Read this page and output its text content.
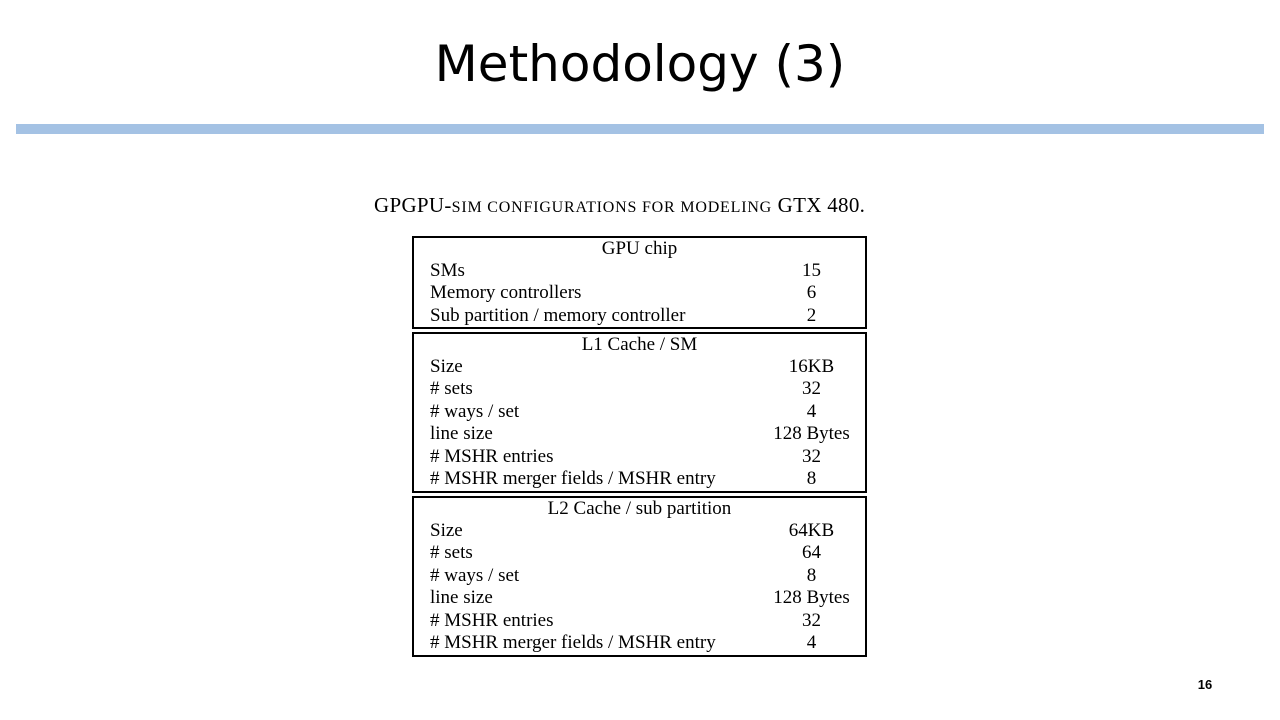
Methodology (3)
GPGPU-SIM CONFIGURATIONS FOR MODELING GTX 480.
GPU chip
SMs	15
Memory controllers	6
Sub partition / memory controller	2
L1 Cache / SM
Size	16KB
# sets	32
# ways / set	4
line size	128 Bytes
# MSHR entries	32
# MSHR merger fields / MSHR entry	8
L2 Cache / sub partition
Size	64KB
# sets	64
# ways / set	8
line size	128 Bytes
# MSHR entries	32
# MSHR merger fields / MSHR entry	4
16
